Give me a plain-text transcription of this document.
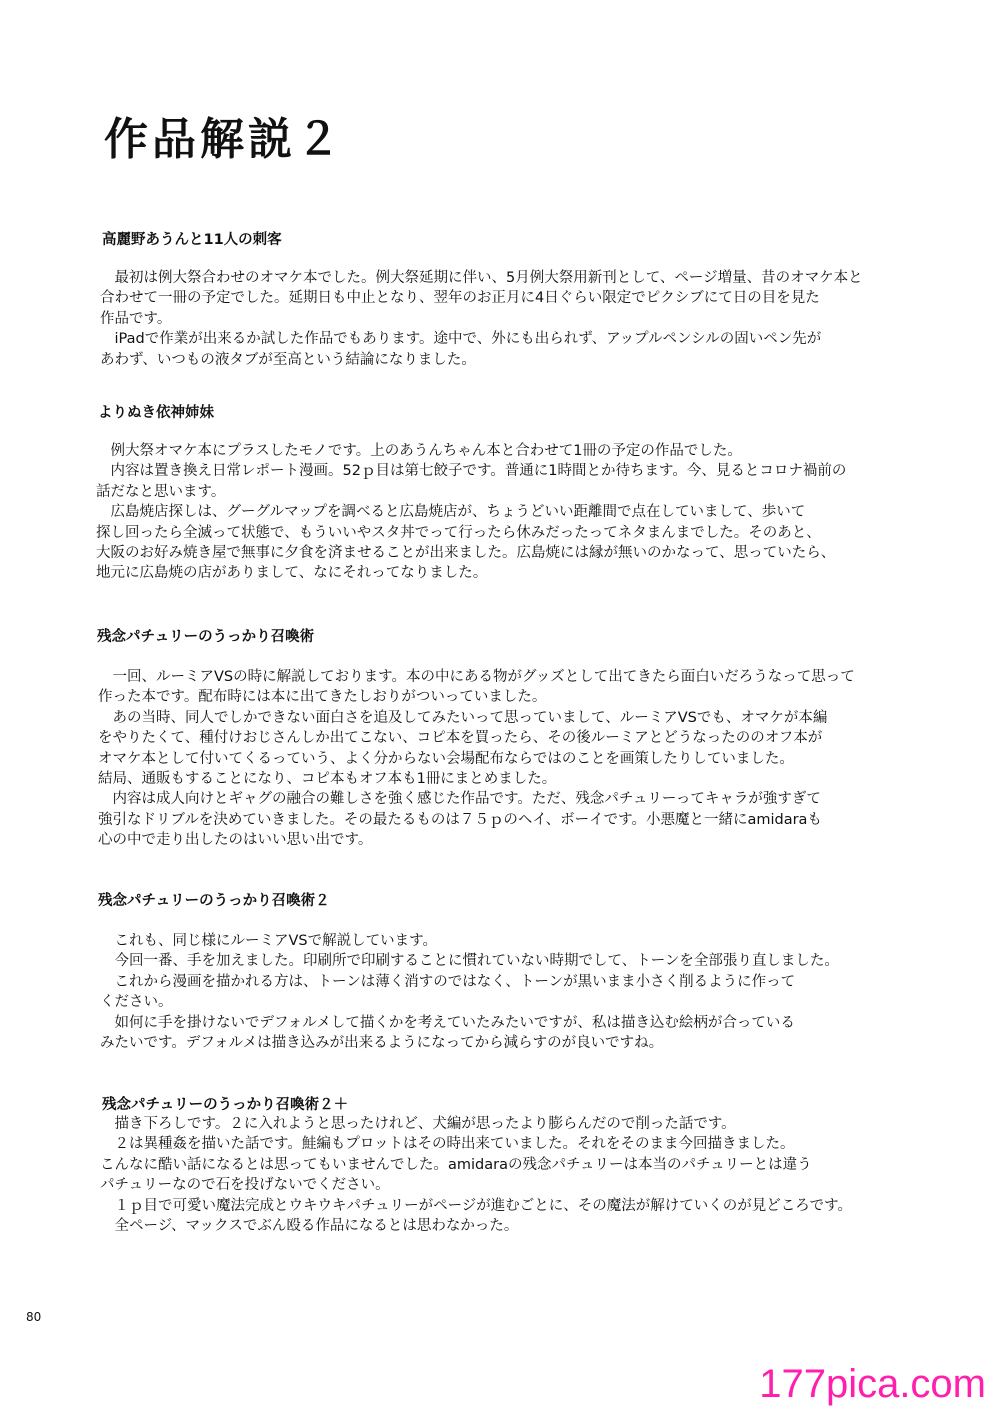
作品解説２
高麗野あうんと11人の刺客
　最初は例大祭合わせのオマケ本でした。例大祭延期に伴い、5月例大祭用新刊として、ページ増量、昔のオマケ本と
合わせて一冊の予定でした。延期日も中止となり、翌年のお正月に4日ぐらい限定でピクシブにて日の目を見た
作品です。
　iPadで作業が出来るか試した作品でもあります。途中で、外にも出られず、アップルペンシルの固いペン先が
あわず、いつもの液タブが至高という結論になりました。
よりぬき依神姉妹
　例大祭オマケ本にプラスしたモノです。上のあうんちゃん本と合わせて1冊の予定の作品でした。
　内容は置き換え日常レポート漫画。52ｐ目は第七餃子です。普通に1時間とか待ちます。今、見るとコロナ禍前の
話だなと思います。
　広島焼店探しは、グーグルマップを調べると広島焼店が、ちょうどいい距離間で点在していまして、歩いて
探し回ったら全滅って状態で、もういいやスタ丼でって行ったら休みだったってネタまんまでした。そのあと、
大阪のお好み焼き屋で無事に夕食を済ませることが出来ました。広島焼には縁が無いのかなって、思っていたら、
地元に広島焼の店がありまして、なにそれってなりました。
残念パチュリーのうっかり召喚術
　一回、ルーミアVSの時に解説しております。本の中にある物がグッズとして出てきたら面白いだろうなって思って
作った本です。配布時には本に出てきたしおりがついっていました。
　あの当時、同人でしかできない面白さを追及してみたいって思っていまして、ルーミアVSでも、オマケが本編
をやりたくて、種付けおじさんしか出てこない、コピ本を買ったら、その後ルーミアとどうなったののオフ本が
オマケ本として付いてくるっていう、よく分からない会場配布ならではのことを画策したりしていました。
結局、通販もすることになり、コピ本もオフ本も1冊にまとめました。
　内容は成人向けとギャグの融合の難しさを強く感じた作品です。ただ、残念パチュリーってキャラが強すぎて
強引なドリブルを決めていきました。その最たるものは７５ｐのヘイ、ボーイです。小悪魔と一緒にamidaraも
心の中で走り出したのはいい思い出です。
残念パチュリーのうっかり召喚術２
　これも、同じ様にルーミアVSで解説しています。
　今回一番、手を加えました。印刷所で印刷することに慣れていない時期でして、トーンを全部張り直しました。
　これから漫画を描かれる方は、トーンは薄く消すのではなく、トーンが黒いまま小さく削るように作って
ください。
　如何に手を掛けないでデフォルメして描くかを考えていたみたいですが、私は描き込む絵柄が合っている
みたいです。デフォルメは描き込みが出来るようになってから減らすのが良いですね。
残念パチュリーのうっかり召喚術２＋
　描き下ろしです。２に入れようと思ったけれど、犬編が思ったより膨らんだので削った話です。
　２は異種姦を描いた話です。鮭編もプロットはその時出来ていました。それをそのまま今回描きました。
こんなに酷い話になるとは思ってもいませんでした。amidaraの残念パチュリーは本当のパチュリーとは違う
パチュリーなので石を投げないでください。
　１ｐ目で可愛い魔法完成とウキウキパチュリーがページが進むごとに、その魔法が解けていくのが見どころです。
　全ページ、マックスでぶん殴る作品になるとは思わなかった。
80
177pica.com
